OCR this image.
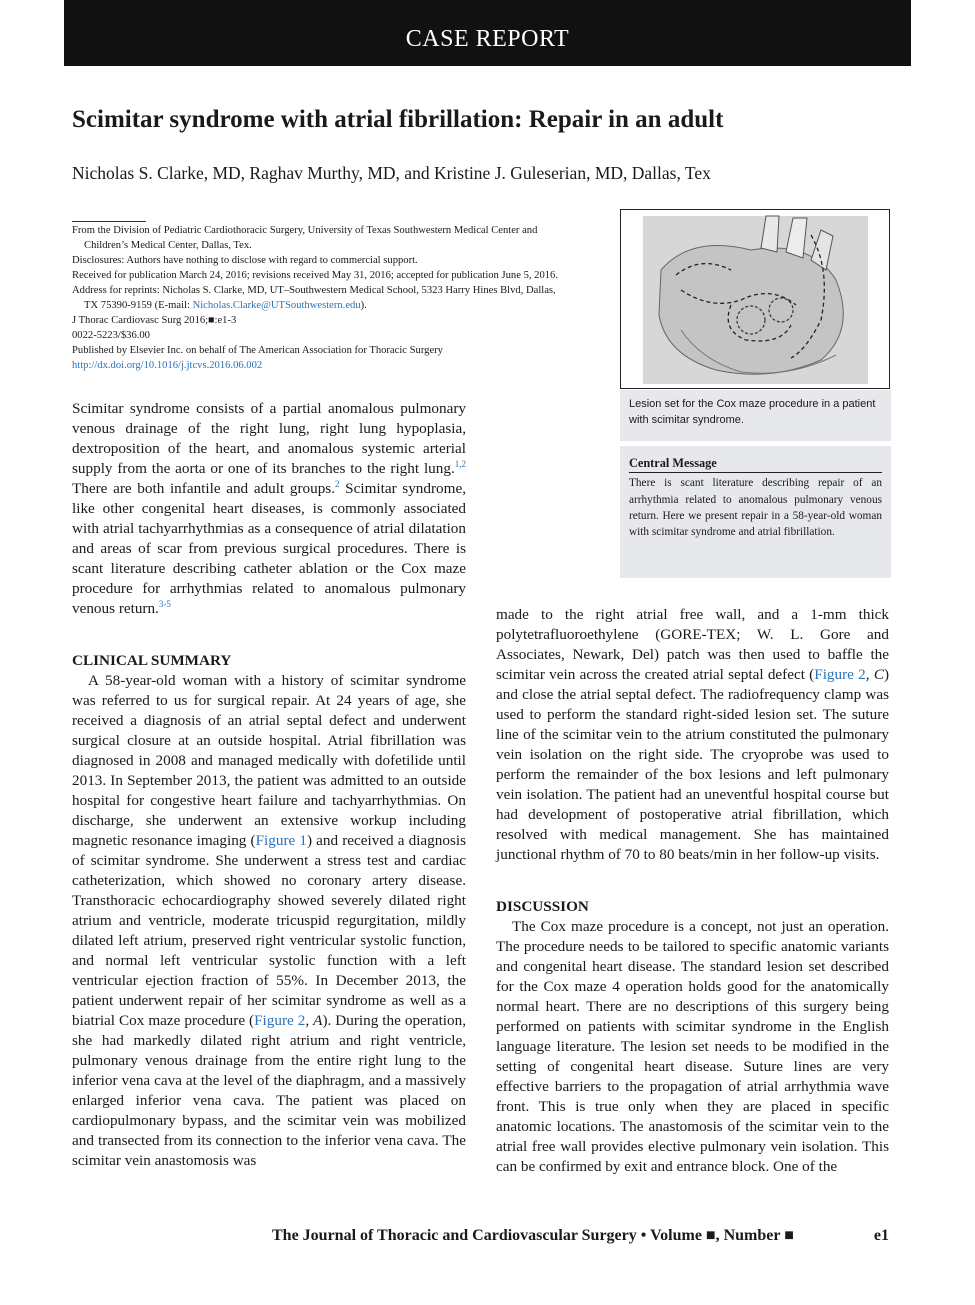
CASE REPORT
Scimitar syndrome with atrial fibrillation: Repair in an adult
Nicholas S. Clarke, MD, Raghav Murthy, MD, and Kristine J. Guleserian, MD, Dallas, Tex

From the Division of Pediatric Cardiothoracic Surgery, University of Texas Southwestern Medical Center and

Children’s Medical Center, Dallas, Tex.

Disclosures: Authors have nothing to disclose with regard to commercial support.

Received for publication March 24, 2016; revisions received May 31, 2016; accepted for publication June 5, 2016.

Address for reprints: Nicholas S. Clarke, MD, UT–Southwestern Medical School, 5323 Harry Hines Blvd, Dallas,

TX 75390-9159 (E-mail: Nicholas.Clarke@UTSouthwestern.edu).

J Thorac Cardiovasc Surg 2016;■:e1-3

0022-5223/$36.00

Published by Elsevier Inc. on behalf of The American Association for Thoracic Surgery

http://dx.doi.org/10.1016/j.jtcvs.2016.06.002

Lesion set for the Cox maze procedure in a patient with scimitar syndrome.
Central Message
There is scant literature describing repair of an arrhythmia related to anomalous pulmonary venous return. Here we present repair in a 58-year-old woman with scimitar syndrome and atrial fibrillation.

Scimitar syndrome consists of a partial anomalous pulmonary venous drainage of the right lung, right lung hypoplasia, dextroposition of the heart, and anomalous systemic arterial supply from the aorta or one of its branches to the right lung.$^{1,2}$ There are both infantile and adult groups.$^2$ Scimitar syndrome, like other congenital heart diseases, is commonly associated with atrial tachyarrhythmias as a consequence of atrial dilatation and areas of scar from previous surgical procedures. There is scant literature describing catheter ablation or the Cox maze procedure for arrhythmias related to anomalous pulmonary venous return.$^{3-5}$

CLINICAL SUMMARY

A 58-year-old woman with a history of scimitar syndrome was referred to us for surgical repair. At 24 years of age, she received a diagnosis of an atrial septal defect and underwent surgical closure at an outside hospital. Atrial fibrillation was diagnosed in 2008 and managed medically with dofetilide until 2013. In September 2013, the patient was admitted to an outside hospital for congestive heart failure and tachyarrhythmias. On discharge, she underwent an extensive workup including magnetic resonance imaging (Figure 1) and received a diagnosis of scimitar syndrome. She underwent a stress test and cardiac catheterization, which showed no coronary artery disease. Transthoracic echocardiography showed severely dilated right atrium and ventricle, moderate tricuspid regurgitation, mildly dilated left atrium, preserved right ventricular systolic function, and normal left ventricular systolic function with a left ventricular ejection fraction of 55%. In December 2013, the patient underwent repair of her scimitar syndrome as well as a biatrial Cox maze procedure (Figure 2, A). During the operation, she had markedly dilated right atrium and right ventricle, pulmonary venous drainage from the entire right lung to the inferior vena cava at the level of the diaphragm, and a massively enlarged inferior vena cava. The patient was placed on cardiopulmonary bypass, and the scimitar vein was mobilized and transected from its connection to the inferior vena cava. The scimitar vein anastomosis was

made to the right atrial free wall, and a 1-mm thick polytetrafluoroethylene (GORE-TEX; W. L. Gore and Associates, Newark, Del) patch was then used to baffle the scimitar vein across the created atrial septal defect (Figure 2, C) and close the atrial septal defect. The radiofrequency clamp was used to perform the standard right-sided lesion set. The suture line of the scimitar vein to the atrium constituted the pulmonary vein isolation on the right side. The cryoprobe was used to perform the remainder of the box lesions and left pulmonary vein isolation. The patient had an uneventful hospital course but had development of postoperative atrial fibrillation, which resolved with medical management. She has maintained junctional rhythm of 70 to 80 beats/min in her follow-up visits.

DISCUSSION

The Cox maze procedure is a concept, not just an operation. The procedure needs to be tailored to specific anatomic variants and congenital heart disease. The standard lesion set described for the Cox maze 4 operation holds good for the anatomically normal heart. There are no descriptions of this surgery being performed on patients with scimitar syndrome in the English language literature. The lesion set needs to be modified in the setting of congenital heart disease. Suture lines are very effective barriers to the propagation of atrial arrhythmia wave front. This is true only when they are placed in specific anatomic locations. The anastomosis of the scimitar vein to the atrial free wall provides elective pulmonary vein isolation. This can be confirmed by exit and entrance block. One of the

The Journal of Thoracic and Cardiovascular Surgery • Volume ■, Number ■	e1
